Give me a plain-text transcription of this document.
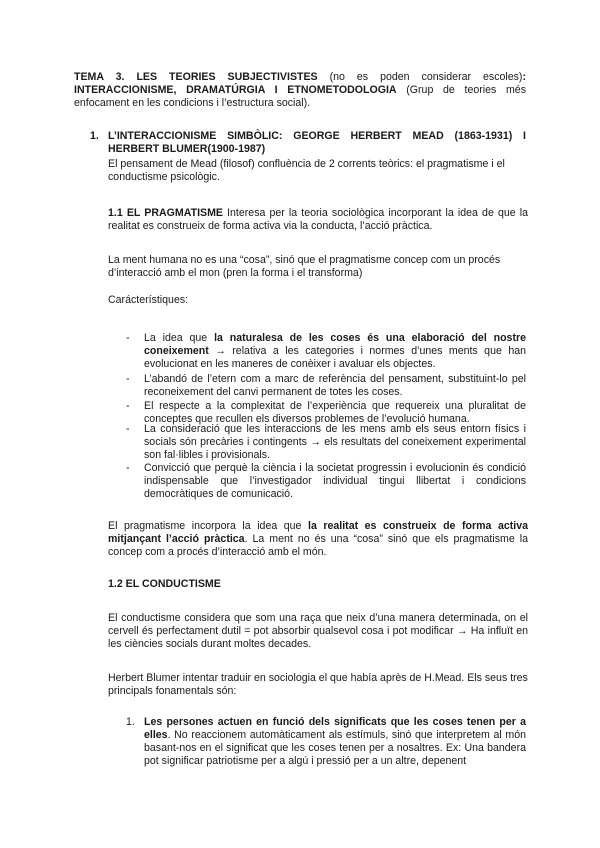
TEMA 3. LES TEORIES SUBJECTIVISTES (no es poden considerar escoles): INTERACCIONISME, DRAMATÚRGIA I ETNOMETODOLOGIA (Grup de teories més enfocament en les condicions i l’estructura social).
1. L’INTERACCIONISME SIMBÒLIC: GEORGE HERBERT MEAD (1863-1931) I HERBERT BLUMER(1900-1987)
El pensament de Mead (filosof) confluència de 2 corrents teòrics: el pragmatisme i el conductisme psicològic.
1.1 EL PRAGMATISME Interesa per la teoria sociològica incorporant la idea de que la realitat es construeix de forma activa via la conducta, l’acció pràctica.
La ment humana no es una “cosa”, sinó que el pragmatisme concep com un procés d’interacció amb el mon (pren la forma i el transforma)
Carácterístiques:
-	La idea que la naturalesa de les coses és una elaboració del nostre coneixement → relativa a les categories i normes d’unes ments que han evolucionat en les maneres de conèixer i avaluar els objectes.
-	L’abandó de l’etern com a marc de referència del pensament, substituint-lo pel reconeixement del canvi permanent de totes les coses.
-	El respecte a la complexitat de l’experiència que requereix una pluralitat de conceptes que recullen els diversos problemes de l’evolució humana.
-	La consideració que les interaccions de les mens amb els seus entorn físics i socials són precàries i contingents → els resultats del coneixement experimental son fal·libles i provisionals.
-	Convicció que perquè la ciència i la societat progressin i evolucionin és condició indispensable que l’investigador individual tingui llibertat i condicions democràtiques de comunicació.
El pragmatisme incorpora la idea que la realitat es construeix de forma activa mitjançant l’acció pràctica. La ment no és una “cosa” sinó que els pragmatisme la concep com a procés d’interacció amb el món.
1.2 EL CONDUCTISME
El conductisme considera que som una raça que neix d’una manera determinada, on el cervell és perfectament dutil = pot absorbir qualsevol cosa i pot modificar → Ha influït en les ciències socials durant moltes decades.
Herbert Blumer intentar traduir en sociologia el que había après de H.Mead. Els seus tres principals fonamentals són:
1. Les persones actuen en funció dels significats que les coses tenen per a elles. No reaccionem automàticament als estímuls, sinó que interpretem al món basant-nos en el significat que les coses tenen per a nosaltres. Ex: Una bandera pot significar patriotisme per a algú i pressió per a un altre, depenent
